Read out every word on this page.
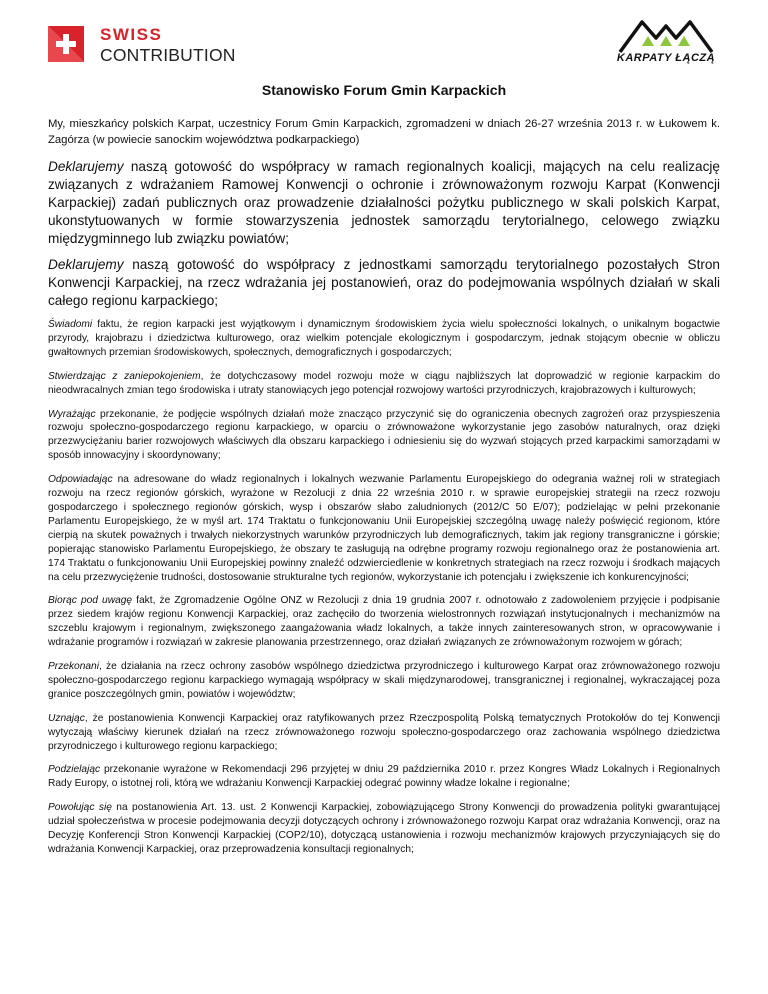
SWISS
CONTRIBUTION	KARPATY ŁĄCZĄ
Stanowisko Forum Gmin Karpackich

My, mieszkańcy polskich Karpat, uczestnicy Forum Gmin Karpackich, zgromadzeni w dniach 26-27 września 2013 r. w Łukowem k. Zagórza (w powiecie sanockim województwa podkarpackiego)

Deklarujemy naszą gotowość do współpracy w ramach regionalnych koalicji, mających na celu realizację związanych z wdrażaniem Ramowej Konwencji o ochronie i zrównoważonym rozwoju Karpat (Konwencji Karpackiej) zadań publicznych oraz prowadzenie działalności pożytku publicznego w skali polskich Karpat, ukonstytuowanych w formie stowarzyszenia jednostek samorządu terytorialnego, celowego związku międzygminnego lub związku powiatów;

Deklarujemy naszą gotowość do współpracy z jednostkami samorządu terytorialnego pozostałych Stron Konwencji Karpackiej, na rzecz wdrażania jej postanowień, oraz do podejmowania wspólnych działań w skali całego regionu karpackiego;

Świadomi faktu, że region karpacki jest wyjątkowym i dynamicznym środowiskiem życia wielu społeczności lokalnych, o unikalnym bogactwie przyrody, krajobrazu i dziedzictwa kulturowego, oraz wielkim potencjale ekologicznym i gospodarczym, jednak stojącym obecnie w obliczu gwałtownych przemian środowiskowych, społecznych, demograficznych i gospodarczych;

Stwierdzając z zaniepokojeniem, że dotychczasowy model rozwoju może w ciągu najbliższych lat doprowadzić w regionie karpackim do nieodwracalnych zmian tego środowiska i utraty stanowiących jego potencjał rozwojowy wartości przyrodniczych, krajobrazowych i kulturowych;

Wyrażając przekonanie, że podjęcie wspólnych działań może znacząco przyczynić się do ograniczenia obecnych zagrożeń oraz przyspieszenia rozwoju społeczno-gospodarczego regionu karpackiego, w oparciu o zrównoważone wykorzystanie jego zasobów naturalnych, oraz dzięki przezwyciężaniu barier rozwojowych właściwych dla obszaru karpackiego i odniesieniu się do wyzwań stojących przed karpackimi samorządami w sposób innowacyjny i skoordynowany;

Odpowiadając na adresowane do władz regionalnych i lokalnych wezwanie Parlamentu Europejskiego do odegrania ważnej roli w strategiach rozwoju na rzecz regionów górskich, wyrażone w Rezolucji z dnia 22 września 2010 r. w sprawie europejskiej strategii na rzecz rozwoju gospodarczego i społecznego regionów górskich, wysp i obszarów słabo zaludnionych (2012/C 50 E/07); podzielając w pełni przekonanie Parlamentu Europejskiego, że w myśl art. 174 Traktatu o funkcjonowaniu Unii Europejskiej szczególną uwagę należy poświęcić regionom, które cierpią na skutek poważnych i trwałych niekorzystnych warunków przyrodniczych lub demograficznych, takim jak regiony transgraniczne i górskie; popierając stanowisko Parlamentu Europejskiego, że obszary te zasługują na odrębne programy rozwoju regionalnego oraz że postanowienia art. 174 Traktatu o funkcjonowaniu Unii Europejskiej powinny znaleźć odzwierciedlenie w konkretnych strategiach na rzecz rozwoju i środkach mających na celu przezwyciężenie trudności, dostosowanie strukturalne tych regionów, wykorzystanie ich potencjału i zwiększenie ich konkurencyjności;

Biorąc pod uwagę fakt, że Zgromadzenie Ogólne ONZ w Rezolucji z dnia 19 grudnia 2007 r. odnotowało z zadowoleniem przyjęcie i podpisanie przez siedem krajów regionu Konwencji Karpackiej, oraz zachęciło do tworzenia wielostronnych rozwiązań instytucjonalnych i mechanizmów na szczeblu krajowym i regionalnym, zwiększonego zaangażowania władz lokalnych, a także innych zainteresowanych stron, w opracowywanie i wdrażanie programów i rozwiązań w zakresie planowania przestrzennego, oraz działań związanych ze zrównoważonym rozwojem w górach;

Przekonani, że działania na rzecz ochrony zasobów wspólnego dziedzictwa przyrodniczego i kulturowego Karpat oraz zrównoważonego rozwoju społeczno-gospodarczego regionu karpackiego wymagają współpracy w skali międzynarodowej, transgranicznej i regionalnej, wykraczającej poza granice poszczególnych gmin, powiatów i województw;

Uznając, że postanowienia Konwencji Karpackiej oraz ratyfikowanych przez Rzeczpospolitą Polską tematycznych Protokołów do tej Konwencji wytyczają właściwy kierunek działań na rzecz zrównoważonego rozwoju społeczno-gospodarczego oraz zachowania wspólnego dziedzictwa przyrodniczego i kulturowego regionu karpackiego;

Podzielając przekonanie wyrażone w Rekomendacji 296 przyjętej w dniu 29 października 2010 r. przez Kongres Władz Lokalnych i Regionalnych Rady Europy, o istotnej roli, którą we wdrażaniu Konwencji Karpackiej odegrać powinny władze lokalne i regionalne;

Powołując się na postanowienia Art. 13. ust. 2 Konwencji Karpackiej, zobowiązującego Strony Konwencji do prowadzenia polityki gwarantującej udział społeczeństwa w procesie podejmowania decyzji dotyczących ochrony i zrównoważonego rozwoju Karpat oraz wdrażania Konwencji, oraz na Decyzję Konferencji Stron Konwencji Karpackiej (COP2/10), dotyczącą ustanowienia i rozwoju mechanizmów krajowych przyczyniających się do wdrażania Konwencji Karpackiej, oraz przeprowadzenia konsultacji regionalnych;
